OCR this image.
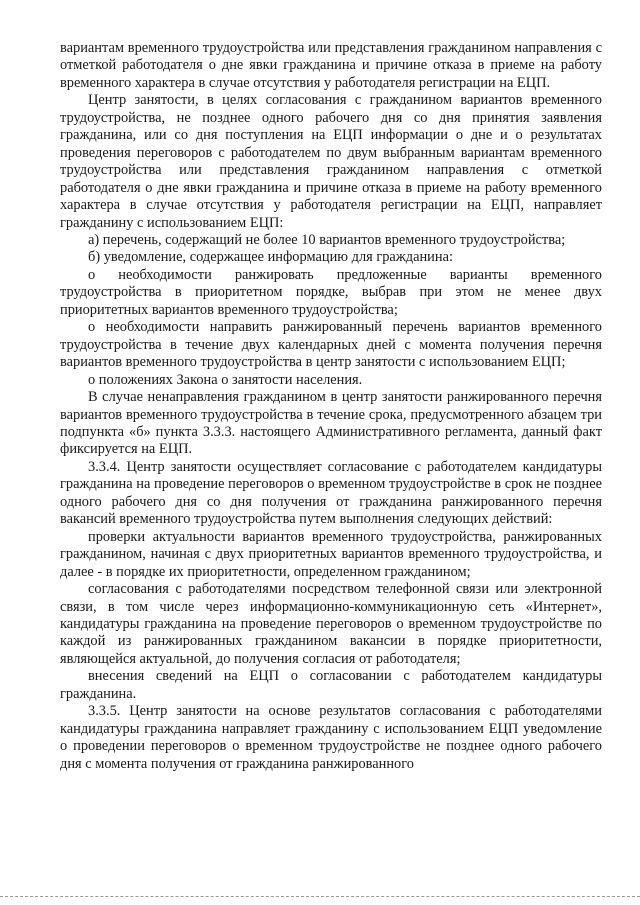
вариантам временного трудоустройства или представления гражданином направления с отметкой работодателя о дне явки гражданина и причине отказа в приеме на работу временного характера в случае отсутствия у работодателя регистрации на ЕЦП.

Центр занятости, в целях согласования с гражданином вариантов временного трудоустройства, не позднее одного рабочего дня со дня принятия заявления гражданина, или со дня поступления на ЕЦП информации о дне и о результатах проведения переговоров с работодателем по двум выбранным вариантам временного трудоустройства или представления гражданином направления с отметкой работодателя о дне явки гражданина и причине отказа в приеме на работу временного характера в случае отсутствия у работодателя регистрации на ЕЦП, направляет гражданину с использованием ЕЦП:

а) перечень, содержащий не более 10 вариантов временного трудоустройства;

б) уведомление, содержащее информацию для гражданина:

о необходимости ранжировать предложенные варианты временного трудоустройства в приоритетном порядке, выбрав при этом не менее двух приоритетных вариантов временного трудоустройства;

о необходимости направить ранжированный перечень вариантов временного трудоустройства в течение двух календарных дней с момента получения перечня вариантов временного трудоустройства в центр занятости с использованием ЕЦП;

о положениях Закона о занятости населения.

В случае ненаправления гражданином в центр занятости ранжированного перечня вариантов временного трудоустройства в течение срока, предусмотренного абзацем три подпункта «б» пункта 3.3.3. настоящего Административного регламента, данный факт фиксируется на ЕЦП.

3.3.4. Центр занятости осуществляет согласование с работодателем кандидатуры гражданина на проведение переговоров о временном трудоустройстве в срок не позднее одного рабочего дня со дня получения от гражданина ранжированного перечня вакансий временного трудоустройства путем выполнения следующих действий:

проверки актуальности вариантов временного трудоустройства, ранжированных гражданином, начиная с двух приоритетных вариантов временного трудоустройства, и далее - в порядке их приоритетности, определенном гражданином;

согласования с работодателями посредством телефонной связи или электронной связи, в том числе через информационно-коммуникационную сеть «Интернет», кандидатуры гражданина на проведение переговоров о временном трудоустройстве по каждой из ранжированных гражданином вакансии в порядке приоритетности, являющейся актуальной, до получения согласия от работодателя;

внесения сведений на ЕЦП о согласовании с работодателем кандидатуры гражданина.

3.3.5. Центр занятости на основе результатов согласования с работодателями кандидатуры гражданина направляет гражданину с использованием ЕЦП уведомление о проведении переговоров о временном трудоустройстве не позднее одного рабочего дня с момента получения от гражданина ранжированного
